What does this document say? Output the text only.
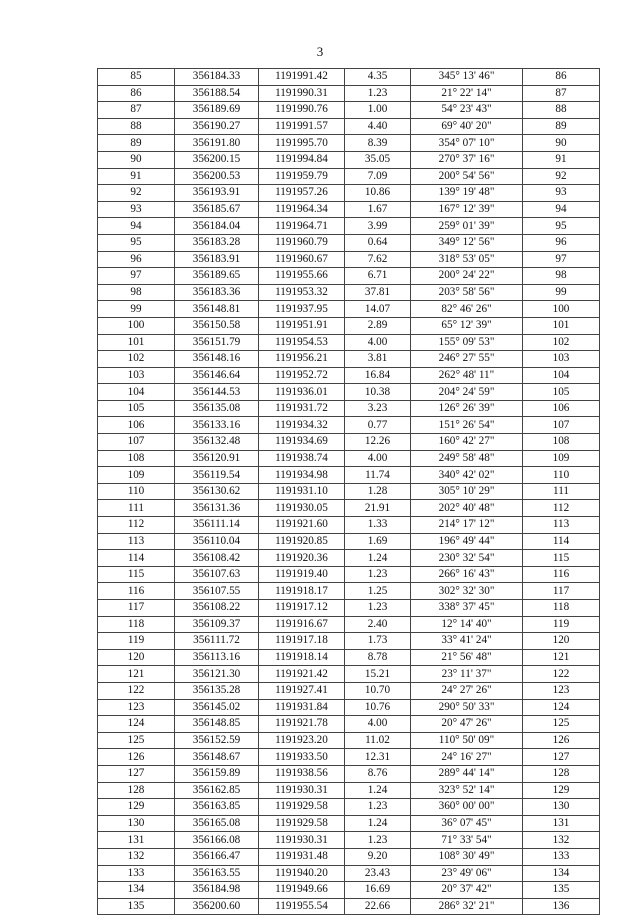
3
85	356184.33	1191991.42	4.35	345° 13' 46"	86
86	356188.54	1191990.31	1.23	21° 22' 14"	87
87	356189.69	1191990.76	1.00	54° 23' 43"	88
88	356190.27	1191991.57	4.40	69° 40' 20"	89
89	356191.80	1191995.70	8.39	354° 07' 10"	90
90	356200.15	1191994.84	35.05	270° 37' 16"	91
91	356200.53	1191959.79	7.09	200° 54' 56"	92
92	356193.91	1191957.26	10.86	139° 19' 48"	93
93	356185.67	1191964.34	1.67	167° 12' 39"	94
94	356184.04	1191964.71	3.99	259° 01' 39"	95
95	356183.28	1191960.79	0.64	349° 12' 56"	96
96	356183.91	1191960.67	7.62	318° 53' 05"	97
97	356189.65	1191955.66	6.71	200° 24' 22"	98
98	356183.36	1191953.32	37.81	203° 58' 56"	99
99	356148.81	1191937.95	14.07	82° 46' 26"	100
100	356150.58	1191951.91	2.89	65° 12' 39"	101
101	356151.79	1191954.53	4.00	155° 09' 53"	102
102	356148.16	1191956.21	3.81	246° 27' 55"	103
103	356146.64	1191952.72	16.84	262° 48' 11"	104
104	356144.53	1191936.01	10.38	204° 24' 59"	105
105	356135.08	1191931.72	3.23	126° 26' 39"	106
106	356133.16	1191934.32	0.77	151° 26' 54"	107
107	356132.48	1191934.69	12.26	160° 42' 27"	108
108	356120.91	1191938.74	4.00	249° 58' 48"	109
109	356119.54	1191934.98	11.74	340° 42' 02"	110
110	356130.62	1191931.10	1.28	305° 10' 29"	111
111	356131.36	1191930.05	21.91	202° 40' 48"	112
112	356111.14	1191921.60	1.33	214° 17' 12"	113
113	356110.04	1191920.85	1.69	196° 49' 44"	114
114	356108.42	1191920.36	1.24	230° 32' 54"	115
115	356107.63	1191919.40	1.23	266° 16' 43"	116
116	356107.55	1191918.17	1.25	302° 32' 30"	117
117	356108.22	1191917.12	1.23	338° 37' 45"	118
118	356109.37	1191916.67	2.40	12° 14' 40"	119
119	356111.72	1191917.18	1.73	33° 41' 24"	120
120	356113.16	1191918.14	8.78	21° 56' 48"	121
121	356121.30	1191921.42	15.21	23° 11' 37"	122
122	356135.28	1191927.41	10.70	24° 27' 26"	123
123	356145.02	1191931.84	10.76	290° 50' 33"	124
124	356148.85	1191921.78	4.00	20° 47' 26"	125
125	356152.59	1191923.20	11.02	110° 50' 09"	126
126	356148.67	1191933.50	12.31	24° 16' 27"	127
127	356159.89	1191938.56	8.76	289° 44' 14"	128
128	356162.85	1191930.31	1.24	323° 52' 14"	129
129	356163.85	1191929.58	1.23	360° 00' 00"	130
130	356165.08	1191929.58	1.24	36° 07' 45"	131
131	356166.08	1191930.31	1.23	71° 33' 54"	132
132	356166.47	1191931.48	9.20	108° 30' 49"	133
133	356163.55	1191940.20	23.43	23° 49' 06"	134
134	356184.98	1191949.66	16.69	20° 37' 42"	135
135	356200.60	1191955.54	22.66	286° 32' 21"	136
